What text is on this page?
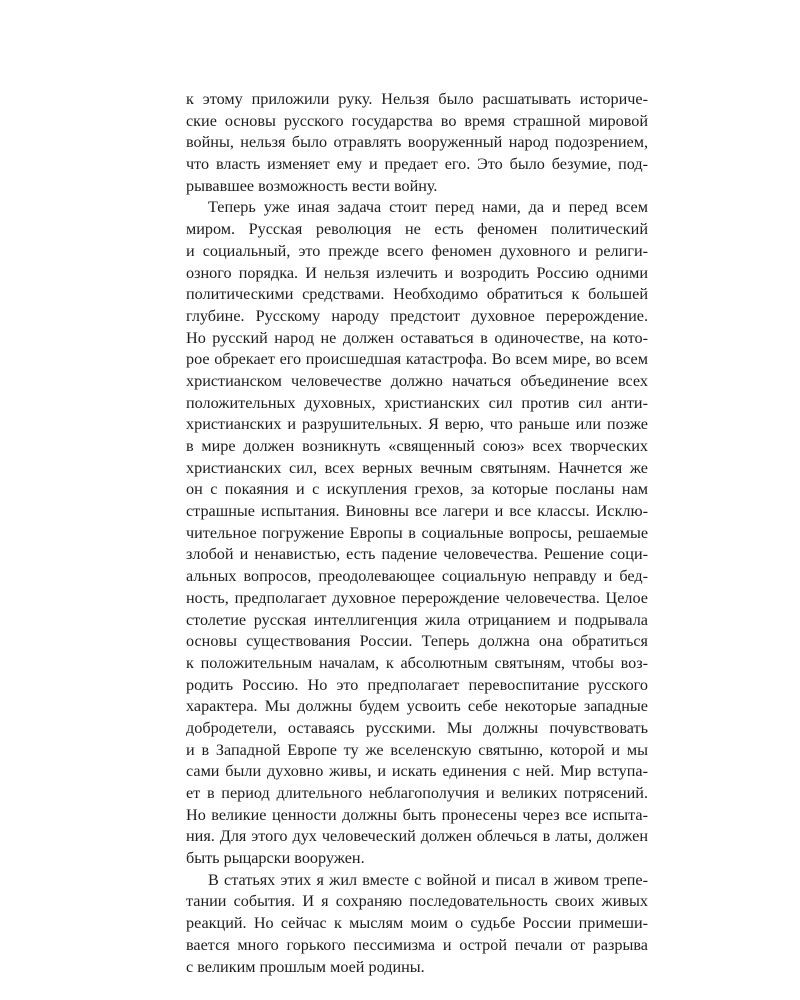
к этому приложили руку. Нельзя было расшатывать историче-
ские основы русского государства во время страшной мировой
войны, нельзя было отравлять вооруженный народ подозрением,
что власть изменяет ему и предает его. Это было безумие, под-
рывавшее возможность вести войну.
Теперь уже иная задача стоит перед нами, да и перед всем
миром. Русская революция не есть феномен политический
и социальный, это прежде всего феномен духовного и религи-
озного порядка. И нельзя излечить и возродить Россию одними
политическими средствами. Необходимо обратиться к большей
глубине. Русскому народу предстоит духовное перерождение.
Но русский народ не должен оставаться в одиночестве, на кото-
рое обрекает его происшедшая катастрофа. Во всем мире, во всем
христианском человечестве должно начаться объединение всех
положительных духовных, христианских сил против сил анти-
христианских и разрушительных. Я верю, что раньше или позже
в мире должен возникнуть «священный союз» всех творческих
христианских сил, всех верных вечным святыням. Начнется же
он с покаяния и с искупления грехов, за которые посланы нам
страшные испытания. Виновны все лагери и все классы. Исклю-
чительное погружение Европы в социальные вопросы, решаемые
злобой и ненавистью, есть падение человечества. Решение соци-
альных вопросов, преодолевающее социальную неправду и бед-
ность, предполагает духовное перерождение человечества. Целое
столетие русская интеллигенция жила отрицанием и подрывала
основы существования России. Теперь должна она обратиться
к положительным началам, к абсолютным святыням, чтобы воз-
родить Россию. Но это предполагает перевоспитание русского
характера. Мы должны будем усвоить себе некоторые западные
добродетели, оставаясь русскими. Мы должны почувствовать
и в Западной Европе ту же вселенскую святыню, которой и мы
сами были духовно живы, и искать единения с ней. Мир вступа-
ет в период длительного неблагополучия и великих потрясений.
Но великие ценности должны быть пронесены через все испыта-
ния. Для этого дух человеческий должен облечься в латы, должен
быть рыцарски вооружен.
В статьях этих я жил вместе с войной и писал в живом трепе-
тании события. И я сохраняю последовательность своих живых
реакций. Но сейчас к мыслям моим о судьбе России примеши-
вается много горького пессимизма и острой печали от разрыва
с великим прошлым моей родины.
